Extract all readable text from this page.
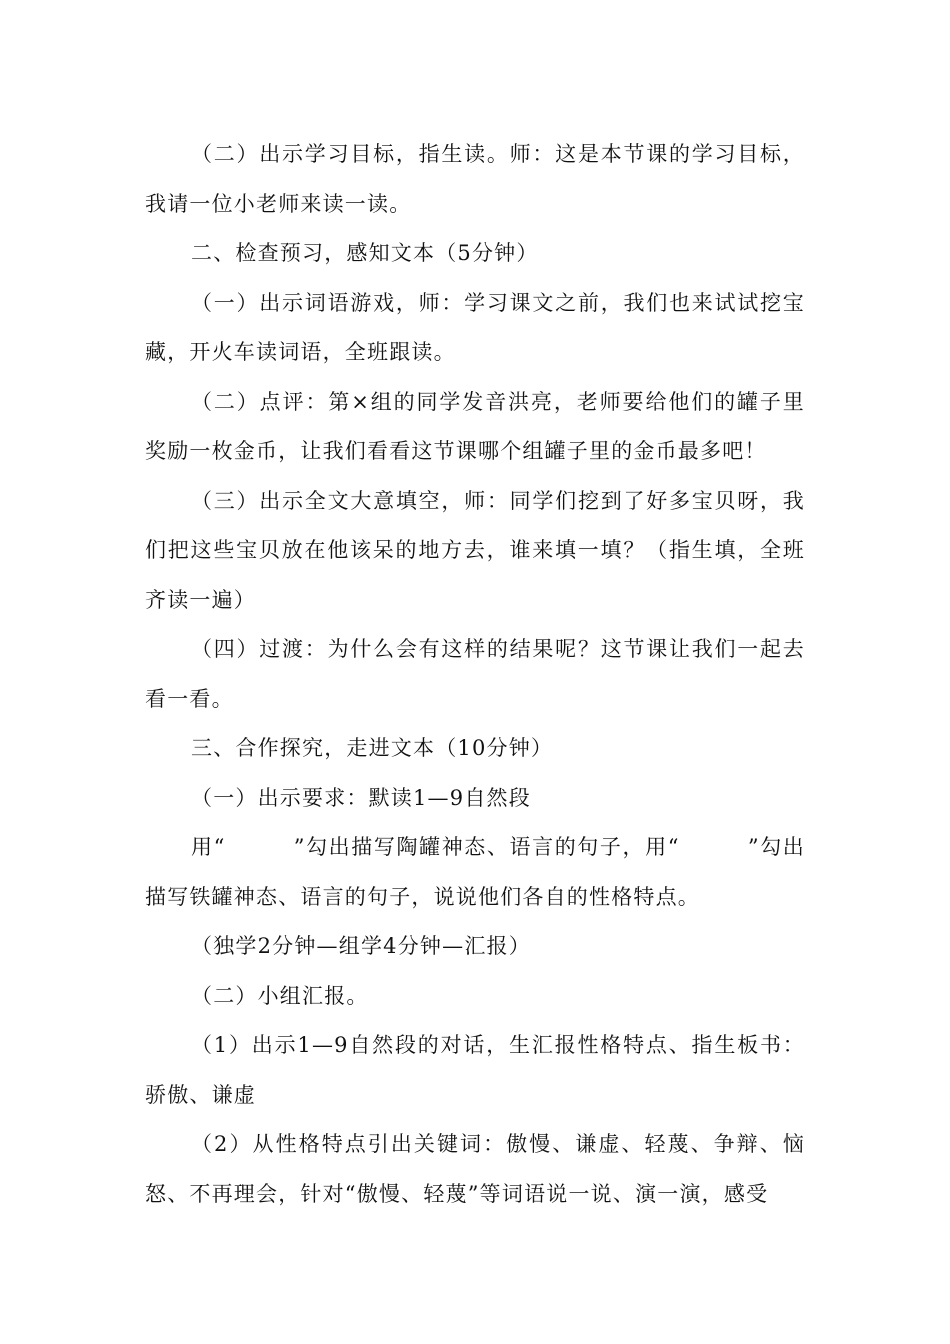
（二）出示学习目标，指生读。师：这是本节课的学习目标，我请一位小老师来读一读。

二、检查预习，感知文本（5分钟）

（一）出示词语游戏，师：学习课文之前，我们也来试试挖宝藏，开火车读词语，全班跟读。

（二）点评：第×组的同学发音洪亮，老师要给他们的罐子里奖励一枚金币，让我们看看这节课哪个组罐子里的金币最多吧！

（三）出示全文大意填空，师：同学们挖到了好多宝贝呀，我们把这些宝贝放在他该呆的地方去，谁来填一填？（指生填，全班齐读一遍）

（四）过渡：为什么会有这样的结果呢？这节课让我们一起去看一看。

三、合作探究，走进文本（10分钟）

（一）出示要求：默读1—9自然段

用“　　　”勾出描写陶罐神态、语言的句子，用“　　　”勾出描写铁罐神态、语言的句子，说说他们各自的性格特点。

（独学2分钟—组学4分钟—汇报）

（二）小组汇报。

（1）出示1—9自然段的对话，生汇报性格特点、指生板书：骄傲、谦虚

（2）从性格特点引出关键词：傲慢、谦虚、轻蔑、争辩、恼怒、不再理会，针对“傲慢、轻蔑”等词语说一说、演一演，感受
